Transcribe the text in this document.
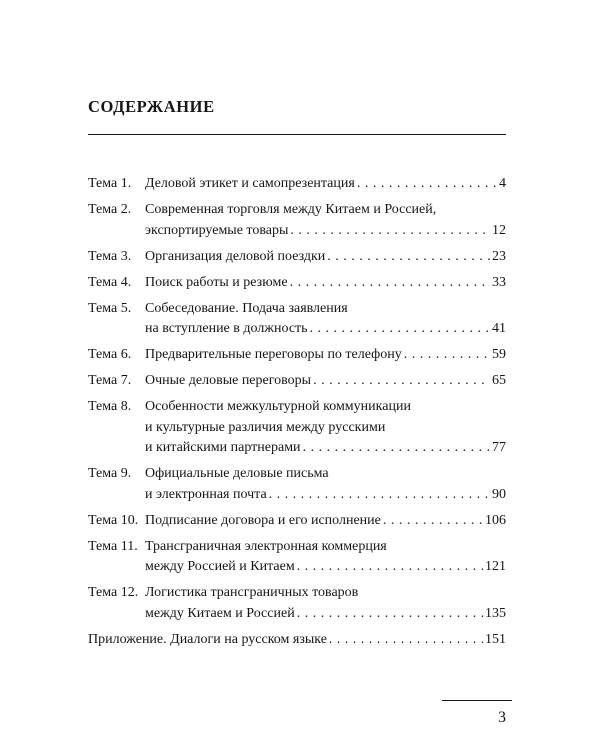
СОДЕРЖАНИЕ
Тема 1. Деловой этикет и самопрезентация . . .	4
Тема 2. Современная торговля между Китаем и Россией,
экспортируемые товары . . .	12
Тема 3. Организация деловой поездки . . .	23
Тема 4. Поиск работы и резюме . . .	33
Тема 5. Собеседование. Подача заявления
на вступление в должность . . .	41
Тема 6. Предварительные переговоры по телефону . . .	59
Тема 7. Очные деловые переговоры . . .	65
Тема 8. Особенности межкультурной коммуникации
и культурные различия между русскими
и китайскими партнерами . . .	77
Тема 9. Официальные деловые письма
и электронная почта . . .	90
Тема 10. Подписание договора и его исполнение . . .	106
Тема 11. Трансграничная электронная коммерция
между Россией и Китаем . . .	121
Тема 12. Логистика трансграничных товаров
между Китаем и Россией . . .	135
Приложение. Диалоги на русском языке . . .	151
3
